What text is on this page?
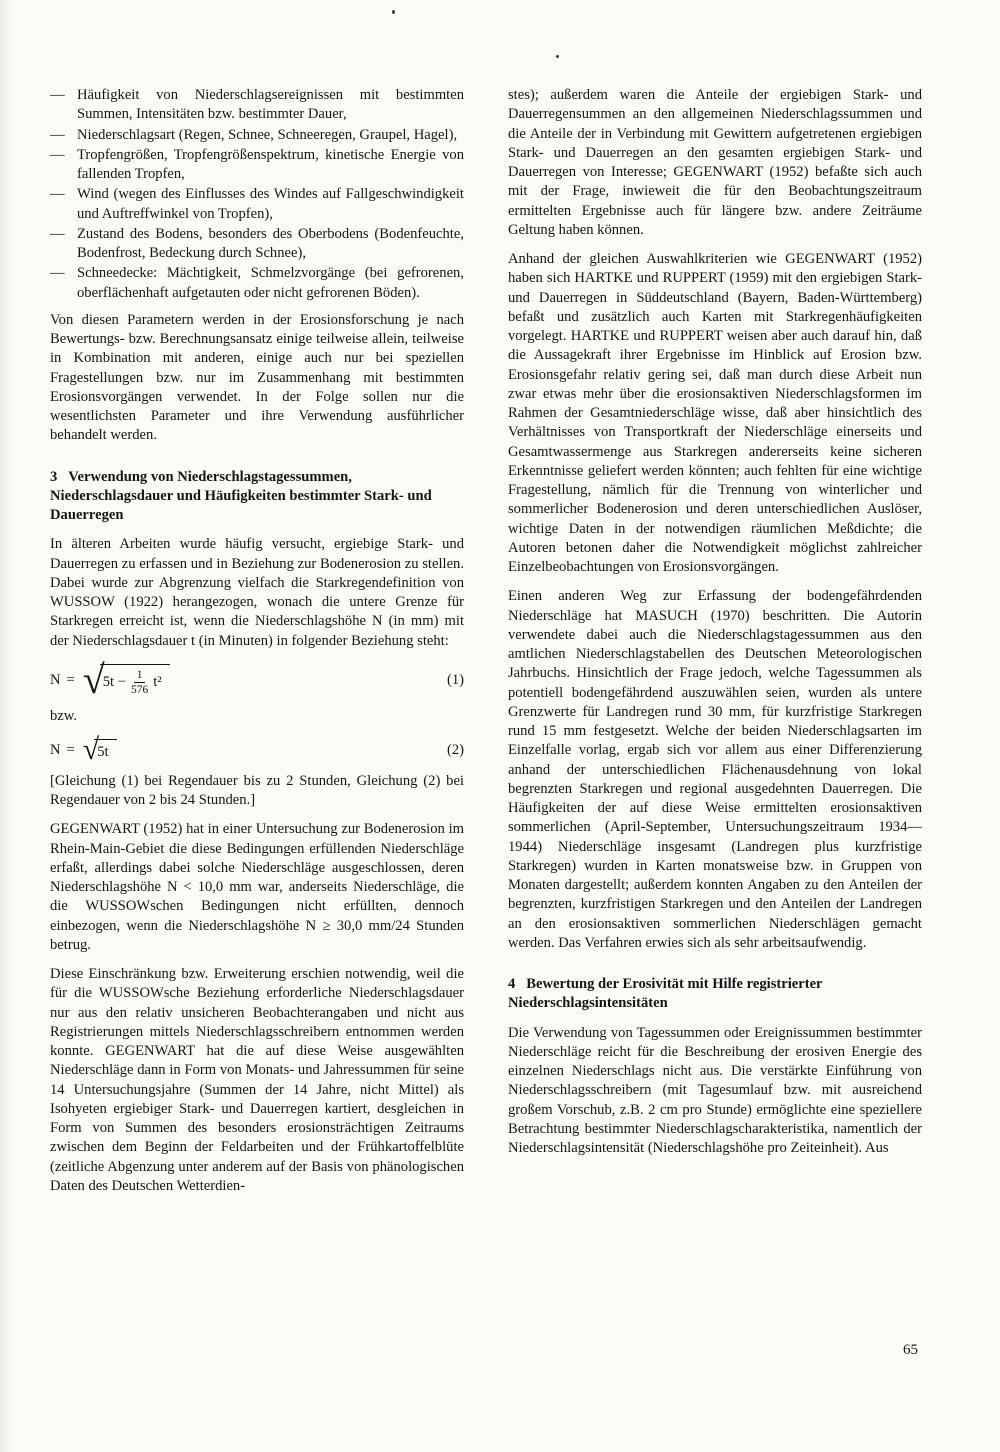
— Häufigkeit von Niederschlagsereignissen mit bestimmten Summen, Intensitäten bzw. bestimmter Dauer,

— Niederschlagsart (Regen, Schnee, Schneeregen, Graupel, Hagel),

— Tropfengrößen, Tropfengrößenspektrum, kinetische Energie von fallenden Tropfen,

— Wind (wegen des Einflusses des Windes auf Fallgeschwindigkeit und Auftreffwinkel von Tropfen),

— Zustand des Bodens, besonders des Oberbodens (Bodenfeuchte, Bodenfrost, Bedeckung durch Schnee),

— Schneedecke: Mächtigkeit, Schmelzvorgänge (bei gefrorenen, oberflächenhaft aufgetauten oder nicht gefrorenen Böden).

Von diesen Parametern werden in der Erosionsforschung je nach Bewertungs- bzw. Berechnungsansatz einige teilweise allein, teilweise in Kombination mit anderen, einige auch nur bei speziellen Fragestellungen bzw. nur im Zusammenhang mit bestimmten Erosionsvorgängen verwendet. In der Folge sollen nur die wesentlichsten Parameter und ihre Verwendung ausführlicher behandelt werden.

3 Verwendung von Niederschlagstagessummen, Niederschlagsdauer und Häufigkeiten bestimmter Stark- und Dauerregen

In älteren Arbeiten wurde häufig versucht, ergiebige Stark- und Dauerregen zu erfassen und in Beziehung zur Bodenerosion zu stellen. Dabei wurde zur Abgrenzung vielfach die Starkregendefinition von WUSSOW (1922) herangezogen, wonach die untere Grenze für Starkregen erreicht ist, wenn die Niederschlagshöhe N (in mm) mit der Niederschlagsdauer t (in Minuten) in folgender Beziehung steht:

N = √
$5t - \frac{1}{576} t^2$	(1)

bzw.

N = √
5t	(2)

[Gleichung (1) bei Regendauer bis zu 2 Stunden, Gleichung (2) bei Regendauer von 2 bis 24 Stunden.]

GEGENWART (1952) hat in einer Untersuchung zur Bodenerosion im Rhein-Main-Gebiet die diese Bedingungen erfüllenden Niederschläge erfaßt, allerdings dabei solche Niederschläge ausgeschlossen, deren Niederschlagshöhe N < 10,0 mm war, anderseits Niederschläge, die die WUSSOWschen Bedingungen nicht erfüllten, dennoch einbezogen, wenn die Niederschlagshöhe N ≥ 30,0 mm/24 Stunden betrug.

Diese Einschränkung bzw. Erweiterung erschien notwendig, weil die für die WUSSOWsche Beziehung erforderliche Niederschlagsdauer nur aus den relativ unsicheren Beobachterangaben und nicht aus Registrierungen mittels Niederschlagsschreibern entnommen werden konnte. GEGENWART hat die auf diese Weise ausgewählten Niederschläge dann in Form von Monats- und Jahressummen für seine 14 Untersuchungsjahre (Summen der 14 Jahre, nicht Mittel) als Isohyeten ergiebiger Stark- und Dauerregen kartiert, desgleichen in Form von Summen des besonders erosionsträchtigen Zeitraums zwischen dem Beginn der Feldarbeiten und der Frühkartoffelblüte (zeitliche Abgenzung unter anderem auf der Basis von phänologischen Daten des Deutschen Wetterdien-

stes); außerdem waren die Anteile der ergiebigen Stark- und Dauerregensummen an den allgemeinen Niederschlagssummen und die Anteile der in Verbindung mit Gewittern aufgetretenen ergiebigen Stark- und Dauerregen an den gesamten ergiebigen Stark- und Dauerregen von Interesse; GEGENWART (1952) befaßte sich auch mit der Frage, inwieweit die für den Beobachtungszeitraum ermittelten Ergebnisse auch für längere bzw. andere Zeiträume Geltung haben können.

Anhand der gleichen Auswahlkriterien wie GEGENWART (1952) haben sich HARTKE und RUPPERT (1959) mit den ergiebigen Stark- und Dauerregen in Süddeutschland (Bayern, Baden-Württemberg) befaßt und zusätzlich auch Karten mit Starkregenhäufigkeiten vorgelegt. HARTKE und RUPPERT weisen aber auch darauf hin, daß die Aussagekraft ihrer Ergebnisse im Hinblick auf Erosion bzw. Erosionsgefahr relativ gering sei, daß man durch diese Arbeit nun zwar etwas mehr über die erosionsaktiven Niederschlagsformen im Rahmen der Gesamtniederschläge wisse, daß aber hinsichtlich des Verhältnisses von Transportkraft der Niederschläge einerseits und Gesamtwassermenge aus Starkregen andererseits keine sicheren Erkenntnisse geliefert werden könnten; auch fehlten für eine wichtige Fragestellung, nämlich für die Trennung von winterlicher und sommerlicher Bodenerosion und deren unterschiedlichen Auslöser, wichtige Daten in der notwendigen räumlichen Meßdichte; die Autoren betonen daher die Notwendigkeit möglichst zahlreicher Einzelbeobachtungen von Erosionsvorgängen.

Einen anderen Weg zur Erfassung der bodengefährdenden Niederschläge hat MASUCH (1970) beschritten. Die Autorin verwendete dabei auch die Niederschlagstagessummen aus den amtlichen Niederschlagstabellen des Deutschen Meteorologischen Jahrbuchs. Hinsichtlich der Frage jedoch, welche Tagessummen als potentiell bodengefährdend auszuwählen seien, wurden als untere Grenzwerte für Landregen rund 30 mm, für kurzfristige Starkregen rund 15 mm festgesetzt. Welche der beiden Niederschlagsarten im Einzelfalle vorlag, ergab sich vor allem aus einer Differenzierung anhand der unterschiedlichen Flächenausdehnung von lokal begrenzten Starkregen und regional ausgedehnten Dauerregen. Die Häufigkeiten der auf diese Weise ermittelten erosionsaktiven sommerlichen (April-September, Untersuchungszeitraum 1934—1944) Niederschläge insgesamt (Landregen plus kurzfristige Starkregen) wurden in Karten monatsweise bzw. in Gruppen von Monaten dargestellt; außerdem konnten Angaben zu den Anteilen der begrenzten, kurzfristigen Starkregen und den Anteilen der Landregen an den erosionsaktiven sommerlichen Niederschlägen gemacht werden. Das Verfahren erwies sich als sehr arbeitsaufwendig.

4 Bewertung der Erosivität mit Hilfe registrierter Niederschlagsintensitäten

Die Verwendung von Tagessummen oder Ereignissummen bestimmter Niederschläge reicht für die Beschreibung der erosiven Energie des einzelnen Niederschlags nicht aus. Die verstärkte Einführung von Niederschlagsschreibern (mit Tagesumlauf bzw. mit ausreichend großem Vorschub, z.B. 2 cm pro Stunde) ermöglichte eine speziellere Betrachtung bestimmter Niederschlagscharakteristika, namentlich der Niederschlagsintensität (Niederschlagshöhe pro Zeiteinheit). Aus

65
